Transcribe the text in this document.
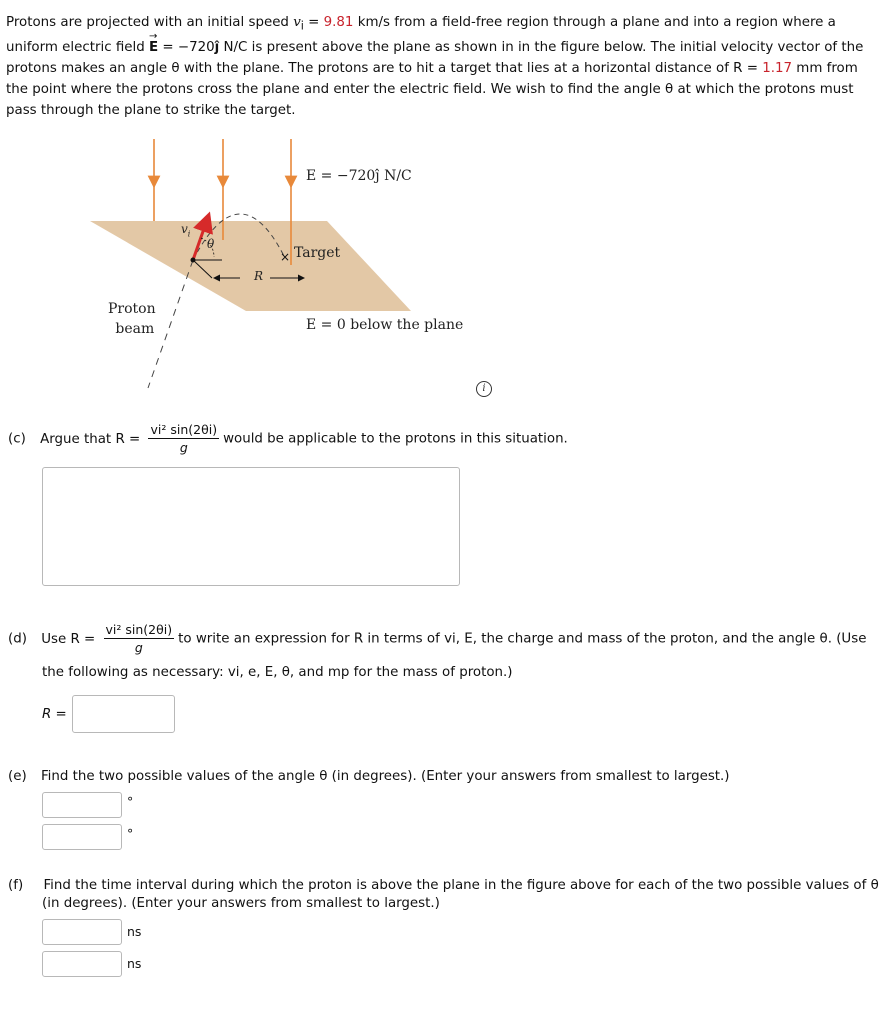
Protons are projected with an initial speed $v_i = 9.81$ km/s from a field-free region through a plane and into a region where a

uniform electric field → E = −720ĵ N/C is present above the plane as shown in in the figure below. The initial velocity vector of the

protons makes an angle θ with the plane. The protons are to hit a target that lies at a horizontal distance of R = 1.17 mm from

the point where the protons cross the plane and enter the electric field. We wish to find the angle θ at which the protons must

pass through the plane to strike the target.

×
E = −720ĵ N/C
Target
R
θ
$v_i$
Proton
beam	E = 0 below the plane
i
(c) Argue that $R = \frac{\text{vi² sin(2θi)}}{g}$ would be applicable to the protons in this situation.
(d) Use $R = \frac{\text{vi² sin(2θi)}}{g}$ to write an expression for R in terms of vi, E, the charge and mass of the proton, and the angle θ. (Use
the following as necessary: vi, e, E, θ, and mp for the mass of proton.)
R =
(e) Find the two possible values of the angle θ (in degrees). (Enter your answers from smallest to largest.)
°
°
(f) Find the time interval during which the proton is above the plane in the figure above for each of the two possible values of θ
(in degrees). (Enter your answers from smallest to largest.)
ns
ns
